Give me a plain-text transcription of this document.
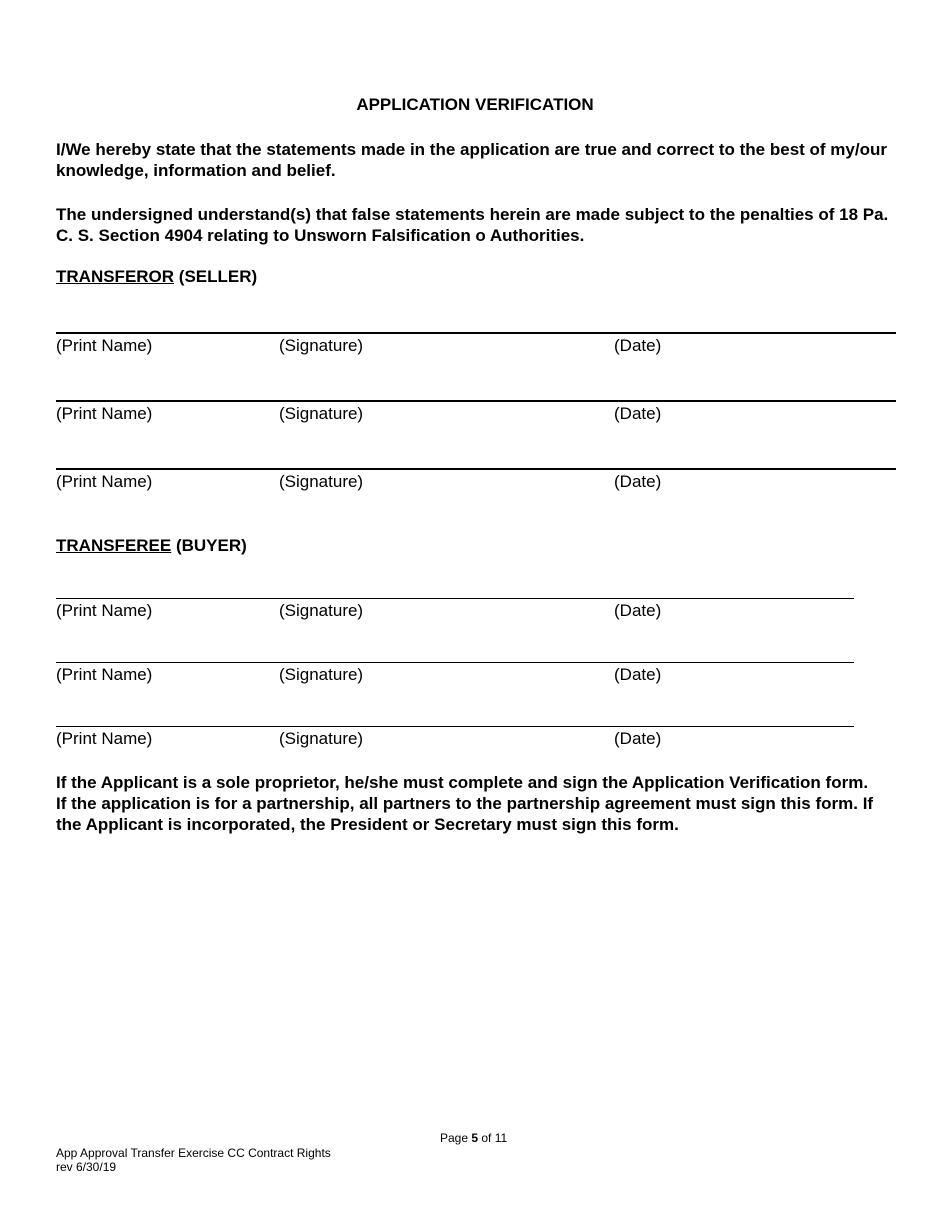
APPLICATION VERIFICATION
I/We hereby state that the statements made in the application are true and correct to the best of my/our knowledge, information and belief.
The undersigned understand(s) that false statements herein are made subject to the penalties of 18 Pa. C. S. Section 4904 relating to Unsworn Falsification o Authorities.
TRANSFEROR (SELLER)
(Print Name)	(Signature)	(Date)
(Print Name)	(Signature)	(Date)
(Print Name)	(Signature)	(Date)
TRANSFEREE (BUYER)
(Print Name)	(Signature)	(Date)
(Print Name)	(Signature)	(Date)
(Print Name)	(Signature)	(Date)
If the Applicant is a sole proprietor, he/she must complete and sign the Application Verification form. If the application is for a partnership, all partners to the partnership agreement must sign this form. If the Applicant is incorporated, the President or Secretary must sign this form.
Page 5 of 11
App Approval Transfer Exercise CC Contract Rights
rev 6/30/19
